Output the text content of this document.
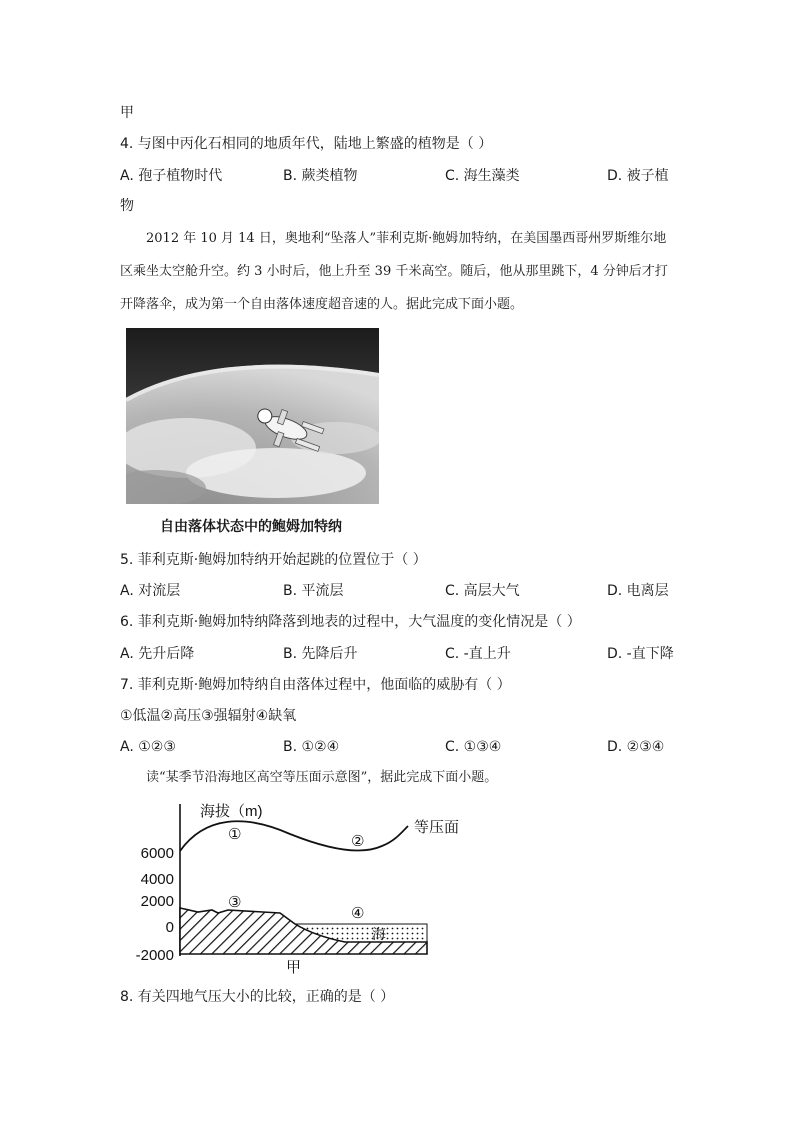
甲
4. 与图中丙化石相同的地质年代，陆地上繁盛的植物是（ ）
A. 孢子植物时代	B. 蕨类植物	C. 海生藻类	D. 被子植
物
2012 年 10 月 14 日，奥地利“坠落人”菲利克斯·鲍姆加特纳，在美国墨西哥州罗斯维尔地区乘坐太空舱升空。约 3 小时后，他上升至 39 千米高空。随后，他从那里跳下，4 分钟后才打开降落伞，成为第一个自由落体速度超音速的人。据此完成下面小题。
自由落体状态中的鲍姆加特纳
5. 菲利克斯·鲍姆加特纳开始起跳的位置位于（ ）
A. 对流层	B. 平流层	C. 高层大气	D. 电离层
6. 菲利克斯·鲍姆加特纳降落到地表的过程中，大气温度的变化情况是（ ）
A. 先升后降	B. 先降后升	C. -直上升	D. -直下降
7. 菲利克斯·鲍姆加特纳自由落体过程中，他面临的威胁有（ ）
①低温②高压③强辐射④缺氧
A. ①②③	B. ①②④	C. ①③④	D. ②③④
读“某季节沿海地区高空等压面示意图”，据此完成下面小题。
海拔（m)
6000
4000
2000
0
-2000
等压面
①	②
③
④
海
甲
8. 有关四地气压大小的比较，正确的是（ ）
